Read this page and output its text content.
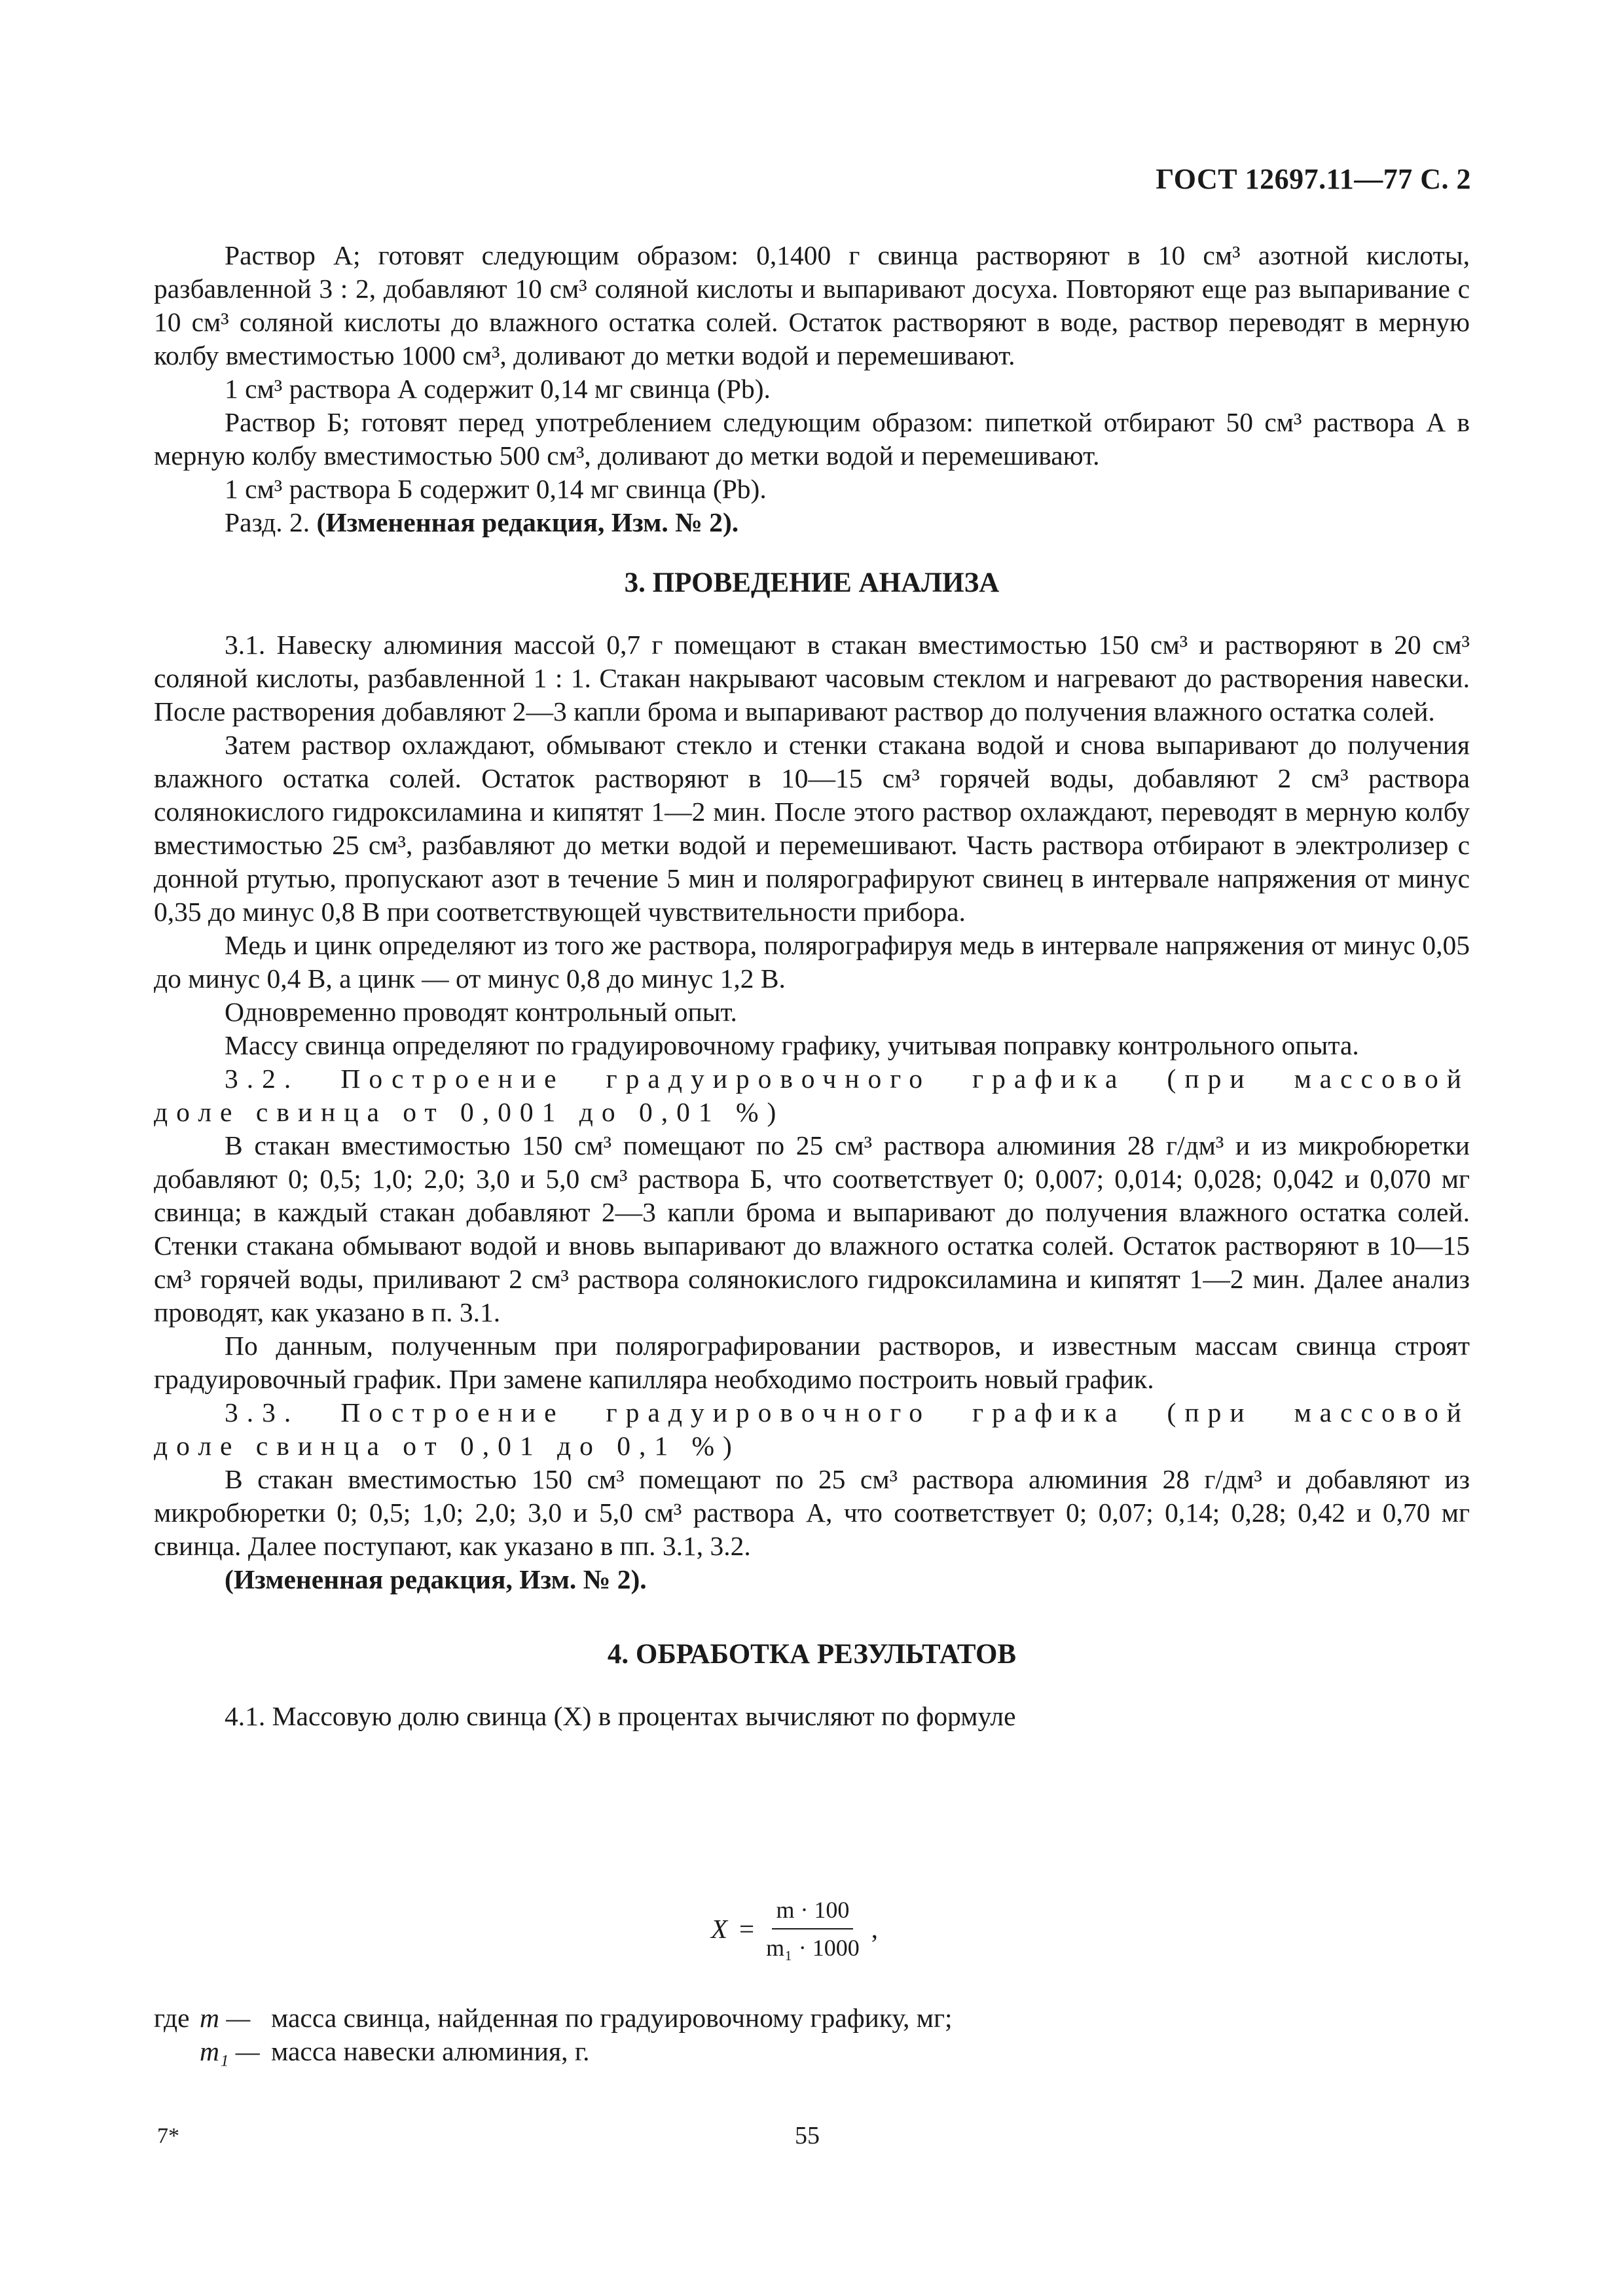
ГОСТ 12697.11—77 С. 2

Раствор А; готовят следующим образом: 0,1400 г свинца растворяют в 10 см³ азотной кислоты, разбавленной 3 : 2, добавляют 10 см³ соляной кислоты и выпаривают досуха. Повторяют еще раз выпаривание с 10 см³ соляной кислоты до влажного остатка солей. Остаток растворяют в воде, раствор переводят в мерную колбу вместимостью 1000 см³, доливают до метки водой и перемешивают.

1 см³ раствора А содержит 0,14 мг свинца (Pb).

Раствор Б; готовят перед употреблением следующим образом: пипеткой отбирают 50 см³ раствора А в мерную колбу вместимостью 500 см³, доливают до метки водой и перемешивают.

1 см³ раствора Б содержит 0,14 мг свинца (Pb).

Разд. 2. (Измененная редакция, Изм. № 2).

3. ПРОВЕДЕНИЕ АНАЛИЗА

3.1. Навеску алюминия массой 0,7 г помещают в стакан вместимостью 150 см³ и растворяют в 20 см³ соляной кислоты, разбавленной 1 : 1. Стакан накрывают часовым стеклом и нагревают до растворения навески. После растворения добавляют 2—3 капли брома и выпаривают раствор до получения влажного остатка солей.

Затем раствор охлаждают, обмывают стекло и стенки стакана водой и снова выпаривают до получения влажного остатка солей. Остаток растворяют в 10—15 см³ горячей воды, добавляют 2 см³ раствора солянокислого гидроксиламина и кипятят 1—2 мин. После этого раствор охлаждают, переводят в мерную колбу вместимостью 25 см³, разбавляют до метки водой и перемешивают. Часть раствора отбирают в электролизер с донной ртутью, пропускают азот в течение 5 мин и полярографируют свинец в интервале напряжения от минус 0,35 до минус 0,8 В при соответствующей чувствительности прибора.

Медь и цинк определяют из того же раствора, полярографируя медь в интервале напряжения от минус 0,05 до минус 0,4 В, а цинк — от минус 0,8 до минус 1,2 В.

Одновременно проводят контрольный опыт.

Массу свинца определяют по градуировочному графику, учитывая поправку контрольного опыта.

3.2. Построение градуировочного графика (при массовой
доле свинца от 0,001 до 0,01 %)

В стакан вместимостью 150 см³ помещают по 25 см³ раствора алюминия 28 г/дм³ и из микробюретки добавляют 0; 0,5; 1,0; 2,0; 3,0 и 5,0 см³ раствора Б, что соответствует 0; 0,007; 0,014; 0,028; 0,042 и 0,070 мг свинца; в каждый стакан добавляют 2—3 капли брома и выпаривают до получения влажного остатка солей. Стенки стакана обмывают водой и вновь выпаривают до влажного остатка солей. Остаток растворяют в 10—15 см³ горячей воды, приливают 2 см³ раствора солянокислого гидроксиламина и кипятят 1—2 мин. Далее анализ проводят, как указано в п. 3.1.

По данным, полученным при полярографировании растворов, и известным массам свинца строят градуировочный график. При замене капилляра необходимо построить новый график.

3.3. Построение градуировочного графика (при массовой
доле свинца от 0,01 до 0,1 %)

В стакан вместимостью 150 см³ помещают по 25 см³ раствора алюминия 28 г/дм³ и добавляют из микробюретки 0; 0,5; 1,0; 2,0; 3,0 и 5,0 см³ раствора А, что соответствует 0; 0,07; 0,14; 0,28; 0,42 и 0,70 мг свинца. Далее поступают, как указано в пп. 3.1, 3.2.

(Измененная редакция, Изм. № 2).

4. ОБРАБОТКА РЕЗУЛЬТАТОВ

4.1. Массовую долю свинца (X) в процентах вычисляют по формуле

$X = \frac{m \cdot 100}{\text{m₁ · 1000}}$ ,
где m — масса свинца, найденная по градуировочному графику, мг;
m₁ — масса навески алюминия, г.
7*	55
